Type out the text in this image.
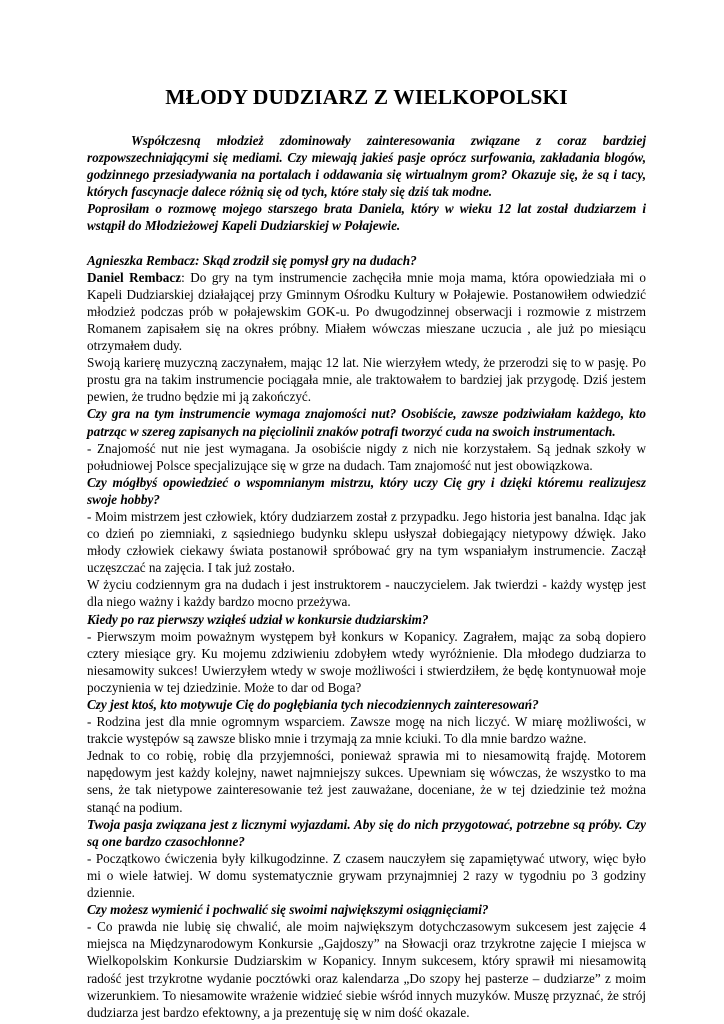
MŁODY DUDZIARZ Z WIELKOPOLSKI

Współczesną młodzież zdominowały zainteresowania związane z coraz bardziej rozpowszechniającymi się mediami. Czy miewają jakieś pasje oprócz surfowania, zakładania blogów, godzinnego przesiadywania na portalach i oddawania się wirtualnym grom? Okazuje się, że są i tacy, których fascynacje dalece różnią się od tych, które stały się dziś tak modne.

Poprosiłam o rozmowę mojego starszego brata Daniela, który w wieku 12 lat został dudziarzem i wstąpił do Młodzieżowej Kapeli Dudziarskiej w Połajewie.

Agnieszka Rembacz: Skąd zrodził się pomysł gry na dudach?

Daniel Rembacz: Do gry na tym instrumencie zachęciła mnie moja mama, która opowiedziała mi o Kapeli Dudziarskiej działającej przy Gminnym Ośrodku Kultury w Połajewie. Postanowiłem odwiedzić młodzież podczas prób w połajewskim GOK-u. Po dwugodzinnej obserwacji i rozmowie z mistrzem Romanem zapisałem się na okres próbny. Miałem wówczas mieszane uczucia , ale już po miesiącu otrzymałem dudy.

Swoją karierę muzyczną zaczynałem, mając 12 lat. Nie wierzyłem wtedy, że przerodzi się to w pasję. Po prostu gra na takim instrumencie pociągała mnie, ale traktowałem to bardziej jak przygodę. Dziś jestem pewien, że trudno będzie mi ją zakończyć.

Czy gra na tym instrumencie wymaga znajomości nut? Osobiście, zawsze podziwiałam każdego, kto patrząc w szereg zapisanych na pięciolinii znaków potrafi tworzyć cuda na swoich instrumentach.

- Znajomość nut nie jest wymagana. Ja osobiście nigdy z nich nie korzystałem. Są jednak szkoły w południowej Polsce specjalizujące się w grze na dudach. Tam znajomość nut jest obowiązkowa.

Czy mógłbyś opowiedzieć o wspomnianym mistrzu, który uczy Cię gry i dzięki któremu realizujesz swoje hobby?

- Moim mistrzem jest człowiek, który dudziarzem został z przypadku. Jego historia jest banalna. Idąc jak co dzień po ziemniaki, z sąsiedniego budynku sklepu usłyszał dobiegający nietypowy dźwięk. Jako młody człowiek ciekawy świata postanowił spróbować gry na tym wspaniałym instrumencie. Zaczął uczęszczać na zajęcia. I tak już zostało.

W życiu codziennym gra na dudach i jest instruktorem - nauczycielem. Jak twierdzi - każdy występ jest dla niego ważny i każdy bardzo mocno przeżywa.

Kiedy po raz pierwszy wziąłeś udział w konkursie dudziarskim?

- Pierwszym moim poważnym występem był konkurs w Kopanicy. Zagrałem, mając za sobą dopiero cztery miesiące gry. Ku mojemu zdziwieniu zdobyłem wtedy wyróżnienie. Dla młodego dudziarza to niesamowity sukces! Uwierzyłem wtedy w swoje możliwości i stwierdziłem, że będę kontynuował moje poczynienia w tej dziedzinie. Może to dar od Boga?

Czy jest ktoś, kto motywuje Cię do pogłębiania tych niecodziennych zainteresowań?

- Rodzina jest dla mnie ogromnym wsparciem. Zawsze mogę na nich liczyć. W miarę możliwości, w trakcie występów są zawsze blisko mnie i trzymają za mnie kciuki. To dla mnie bardzo ważne.

Jednak to co robię, robię dla przyjemności, ponieważ sprawia mi to niesamowitą frajdę. Motorem napędowym jest każdy kolejny, nawet najmniejszy sukces. Upewniam się wówczas, że wszystko to ma sens, że tak nietypowe zainteresowanie też jest zauważane, doceniane, że w tej dziedzinie też można stanąć na podium.

Twoja pasja związana jest z licznymi wyjazdami. Aby się do nich przygotować, potrzebne są próby. Czy są one bardzo czasochłonne?

- Początkowo ćwiczenia były kilkugodzinne. Z czasem nauczyłem się zapamiętywać utwory, więc było mi o wiele łatwiej. W domu systematycznie grywam przynajmniej 2 razy w tygodniu po 3 godziny dziennie.

Czy możesz wymienić i pochwalić się swoimi największymi osiągnięciami?

- Co prawda nie lubię się chwalić, ale moim największym dotychczasowym sukcesem jest zajęcie 4 miejsca na Międzynarodowym Konkursie „Gajdoszy” na Słowacji oraz trzykrotne zajęcie I miejsca w Wielkopolskim Konkursie Dudziarskim w Kopanicy. Innym sukcesem, który sprawił mi niesamowitą radość jest trzykrotne wydanie pocztówki oraz kalendarza „Do szopy hej pasterze – dudziarze” z moim wizerunkiem. To niesamowite wrażenie widzieć siebie wśród innych muzyków. Muszę przyznać, że strój dudziarza jest bardzo efektowny, a ja prezentuję się w nim dość okazale.
